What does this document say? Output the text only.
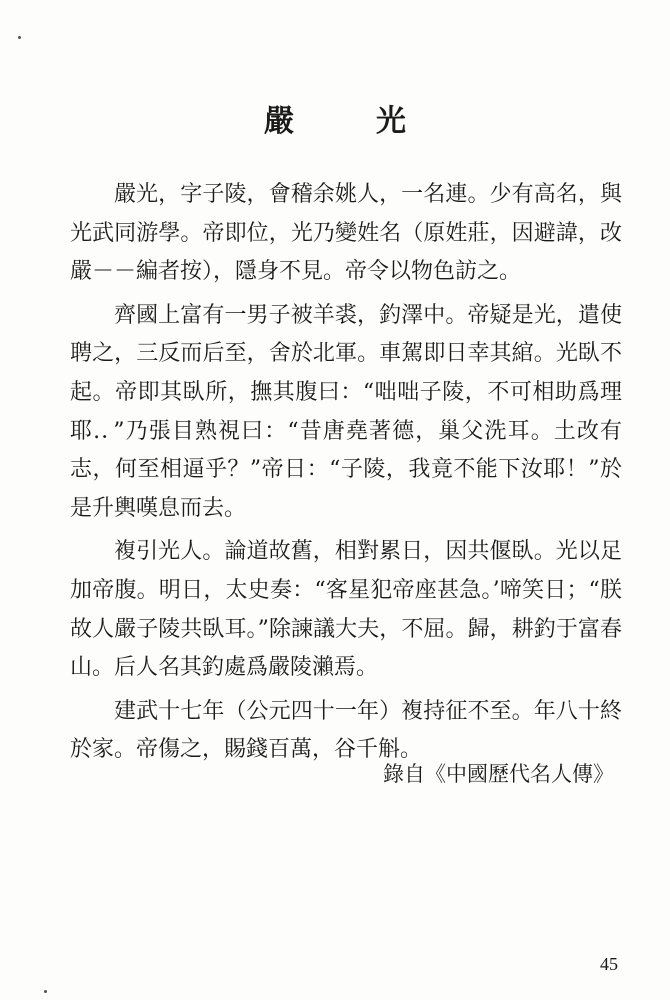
嚴　光

嚴光，字子陵，會稽余姚人，一名連。少有高名，與光武同游學。帝即位，光乃變姓名（原姓莊，因避諱，改嚴－－編者按），隱身不見。帝令以物色訪之。

齊國上富有一男子被羊裘，釣澤中。帝疑是光，遣使聘之，三反而后至，舍於北軍。車駕即日幸其綰。光臥不起。帝即其臥所，撫其腹曰：“咄咄子陵，不可相助爲理耶.．”乃張目熟視曰：“昔唐堯著德，巢父洗耳。土改有志，何至相逼乎？”帝日：“子陵，我竟不能下汝耶！”於是升輿嘆息而去。

複引光人。論道故舊，相對累日，因共偃臥。光以足加帝腹。明日，太史奏：“客星犯帝座甚急。’啼笑日；“朕故人嚴子陵共臥耳。”除諫議大夫，不屈。歸，耕釣于富春山。后人名其釣處爲嚴陵瀨焉。

建武十七年（公元四十一年）複持征不至。年八十終於家。帝傷之，賜錢百萬，谷千斛。

錄自《中國歷代名人傳》
45
